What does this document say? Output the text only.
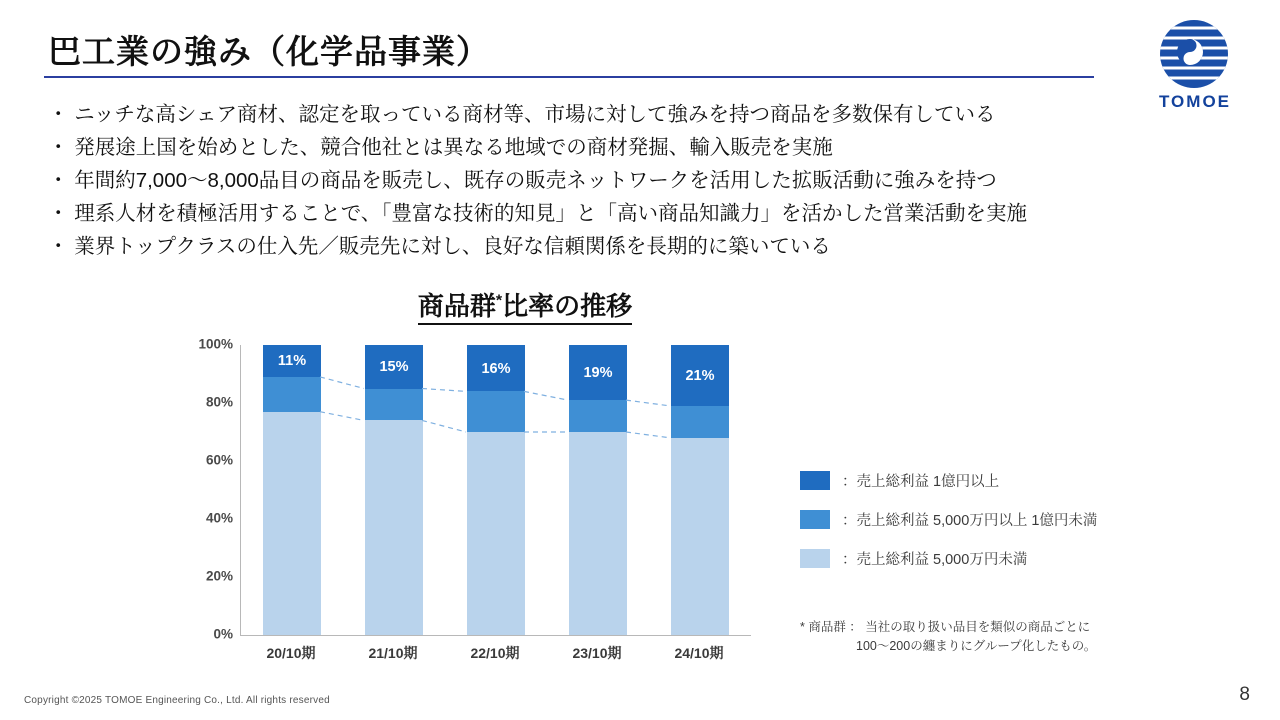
巴工業の強み（化学品事業）
TOMOE
・ ニッチな高シェア商材、認定を取っている商材等、市場に対して強みを持つ商品を多数保有している
・ 発展途上国を始めとした、競合他社とは異なる地域での商材発掘、輸入販売を実施
・ 年間約7,000〜8,000品目の商品を販売し、既存の販売ネットワークを活用した拡販活動に強みを持つ
・ 理系人材を積極活用することで、「豊富な技術的知見」と「高い商品知識力」を活かした営業活動を実施
・ 業界トップクラスの仕入先／販売先に対し、良好な信頼関係を長期的に築いている
商品群*比率の推移
0%
20%
40%
60%
80%
100%
11%	15%	16%	19%	21%
20/10期	21/10期	22/10期	23/10期	24/10期
：売上総利益 1億円以上
：売上総利益 5,000万円以上 1億円未満
：売上総利益 5,000万円未満
* 商品群 ： 当社の取り扱い品目を類似の商品ごとに
100〜200の纏まりにグループ化したもの。
Copyright ©2025 TOMOE Engineering Co., Ltd. All rights reserved	8
